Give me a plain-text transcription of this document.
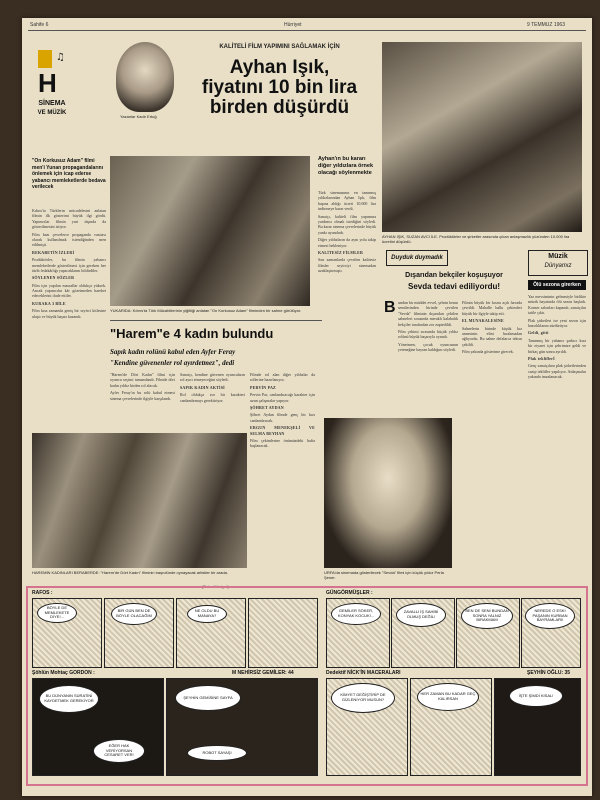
Sahife 6	Hürriyet	9 TEMMUZ 1963
H
♫
SİNEMA
VE MÜZİK
Yazanlar Kadir Ertuğ
KALİTELİ FİLM YAPIMINI SAĞLAMAK İÇİN
Ayhan Işık,
fiyatını 10 bin lira
birden düşürdü
"On Korkusuz Adam" filmi men'i Yunan propagandalarını önlemek için icap ederse yabancı memleketlerde bedava verilecek

Kıbrıs'ta Türklerin mücadelesini anlatan filmin ilk gösterimi büyük ilgi gördü. Yapımcılar filmin yurt dışında da gösterilmesini istiyor.

Film bazı çevrelerce propaganda vasıtası olarak kullanılmak istendiğinden men edilmişti.

REKABETİN İZLERİ

Prodüktörler, bu filmin yabancı memleketlerde gösterilmesi için gereken her türlü fedakârlığı yapacaklarını bildirdiler.

SÖYLENEN SÖZLER

Film için yapılan masraflar oldukça yüksek. Ancak yapımcılar kâr gözetmeden hareket edeceklerini ifade ettiler.

KURAKA 3 BİLE

Film kısa zamanda geniş bir seyirci kitlesine ulaştı ve büyük başarı kazandı.

YUKARIDA: Kıbrıs'ta Türk Mücahitlerinin yiğitliği anlatan "On Korkusuz Adam" filminden bir sahne görülüyor.
Ayhan'ın bu kararı diğer yıldızlara örnek olacağı söylenmekte

Türk sinemasının en tanınmış yıldızlarından Ayhan Işık, film başına aldığı ücreti 10.000 lira indirmeye karar verdi.

Sanatçı, kaliteli film yapımına yardımcı olmak istediğini söyledi. Bu karar sinema çevrelerinde büyük yankı uyandırdı.

Diğer yıldızların da aynı yolu takip etmesi bekleniyor.

KALİTESİZ FİLMLER

Son zamanlarda çevrilen kalitesiz filmler seyirciyi sinemadan uzaklaştırmıştı.

AYHAN IŞIK, SUZAN AVCI İLE. Prodüktörler ve şirketler arasında çıkan anlaşmazlık yüzünden 10.000 lira ücretini düşürdü.
Duyduk duymadık
Dışarıdan bekçiler koşuşuyor
Sevda tedavi ediliyordu!
B undan bir müddet evvel, şehrin kenar semtlerinden birinde çevrilen "Sevda" filminin dışarıdan çekilen sahneleri sırasında meraklı kalabalık bekçiler tarafından zor zaptedildi.

Film çekimi sırasında küçük yıldız rolünü büyük başarıyla oynadı.

Yönetmen, çocuk oyuncunun yeteneğine hayran kaldığını söyledi.

Filmin büyük bir kısmı açık havada çevrildi. Mahalle halkı çekimleri büyük bir ilgiyle takip etti.

EL MUYAKALESİNE

Sahnelerin birinde küçük kız annesinin elini bırakmadan ağlıyordu. Bu sahne defalarca tekrar çekildi.

Film yakında gösterime girecek.

Müzik
Dünyamız
Ölü sezona girerken

Yaz mevsiminin gelmesiyle birlikte müzik hayatında ölü sezon başladı. Konser salonları kapandı, sanatçılar tatile çıktı.

Plak şirketleri ise yeni sezon için hazırlıklarını sürdürüyor.

Geldi, gitti

Tanınmış bir yabancı şarkıcı kısa bir ziyaret için şehrimize geldi ve birkaç gün sonra ayrıldı.

Plak tekliflerİ

Genç sanatçılara plak şirketlerinden cazip teklifler yapılıyor. Anlaşmalar yakında imzalanacak.

"Harem"e 4 kadın bulundu
Sapık kadın rolünü kabul eden Ayfer Feray
"Kendine güvenenler rol ayırdetmez", dedi

"Harem'de Dört Kadın" filmi için oyuncu seçimi tamamlandı. Filmde dört kadın yıldız birden rol alacak.

Ayfer Feray'ın bu rolü kabul etmesi sinema çevrelerinde ilgiyle karşılandı.

Sanatçı, kendine güvenen oyuncuların rol ayırt etmeyeceğini söyledi.

SAPIK KADIN AKTİSİ

Rol oldukça zor bir karakteri canlandırmayı gerektiriyor.

Filmde rol alan diğer yıldızlar da rollerine hazırlanıyor.

PERVİN PAZ

Pervin Par, canlandıracağı karakter için uzun çalışmalar yapıyor.

ŞÖHRET AYDAN

Şöhret Aydan filmde genç bir kızı canlandıracak.

ERGUN MENEKŞELİ VE SELMA BEYHAN

Film çekimlerine önümüzdeki hafta başlanacak.

HAREMİN KADINLARI BERABERDE: "Harem'de Dört Kadın" filminin başrolünde oynayacak artistler bir arada.
(Foto: Hürriyet)
URFA'da sinemada gösterilecek "Sevda" filmi için küçük yıldız Perla Şener.
RAFOS :
BÖYLE DE MEMLEKETE DİYE!...
BİR GÜN BEN DE BÖYLE OLACAĞIM
NE OLDU BU MANAYA?
GÜNGÖRMÜŞLER :
GEMİLER SÖKER, KONYAK KOCUK!...
ZAVALLI İŞ SAHİBİ OLMUŞ DEĞİL!
BEN DE SENİ BUNDAN SONRA YALNIZ BIRAKMAM
NEREDE O ESKİ PAŞANIN KURBAN BAYRAMLARI!
Şöhlün Mohtaç GORDON :	M NEHİRSİZ GEMİLER: 44
BU DÜNYANIN SÜRATİNİ KAYDETMEK GEREKİYOR
EĞER HAK VERİYORSAN CESARET VER!
ŞEYHİN GEMİSİNE SAYFA
ROBOT SAYAŞI
Dedektif NİCK'İN MACERALARI	ŞEYHİN OĞLU: 35
KİMYET DEĞİŞTİRİP DE GİZLENİYOR MUSUN?
HER ZAMAN BU KADAR GEÇ KALIRSAN
İŞTE ŞİMDİ KISAL!
